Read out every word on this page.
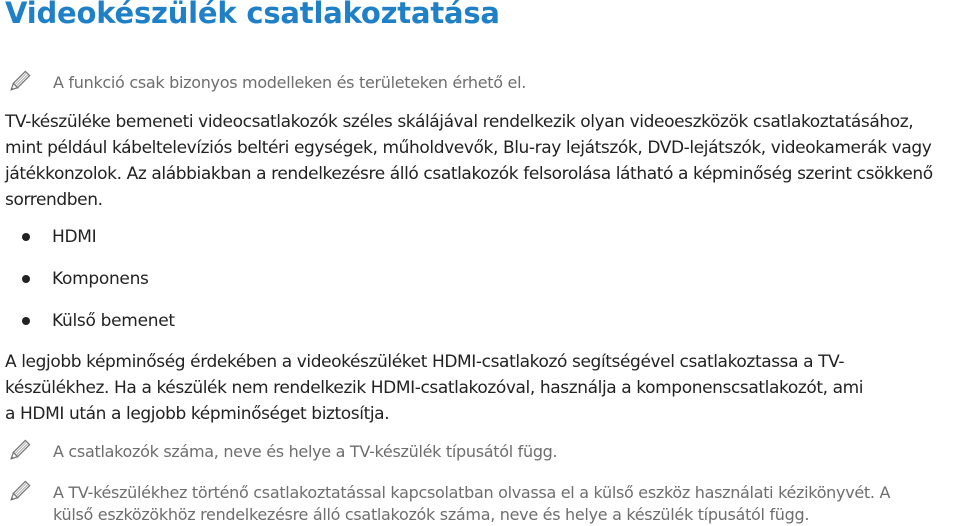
Videokészülék csatlakoztatása
A funkció csak bizonyos modelleken és területeken érhető el.

TV-készüléke bemeneti videocsatlakozók széles skálájával rendelkezik olyan videoeszközök csatlakoztatásához, mint például kábeltelevíziós beltéri egységek, műholdvevők, Blu-ray lejátszók, DVD-lejátszók, videokamerák vagy játékkonzolok. Az alábbiakban a rendelkezésre álló csatlakozók felsorolása látható a képminőség szerint csökkenő sorrendben.

HDMI
Komponens
Külső bemenet

A legjobb képminőség érdekében a videokészüléket HDMI-csatlakozó segítségével csatlakoztassa a TV-készülékhez. Ha a készülék nem rendelkezik HDMI-csatlakozóval, használja a komponenscsatlakozót, ami a HDMI után a legjobb képminőséget biztosítja.

A csatlakozók száma, neve és helye a TV-készülék típusától függ.
A TV-készülékhez történő csatlakoztatással kapcsolatban olvassa el a külső eszköz használati kézikönyvét. A külső eszközökhöz rendelkezésre álló csatlakozók száma, neve és helye a készülék típusától függ.
